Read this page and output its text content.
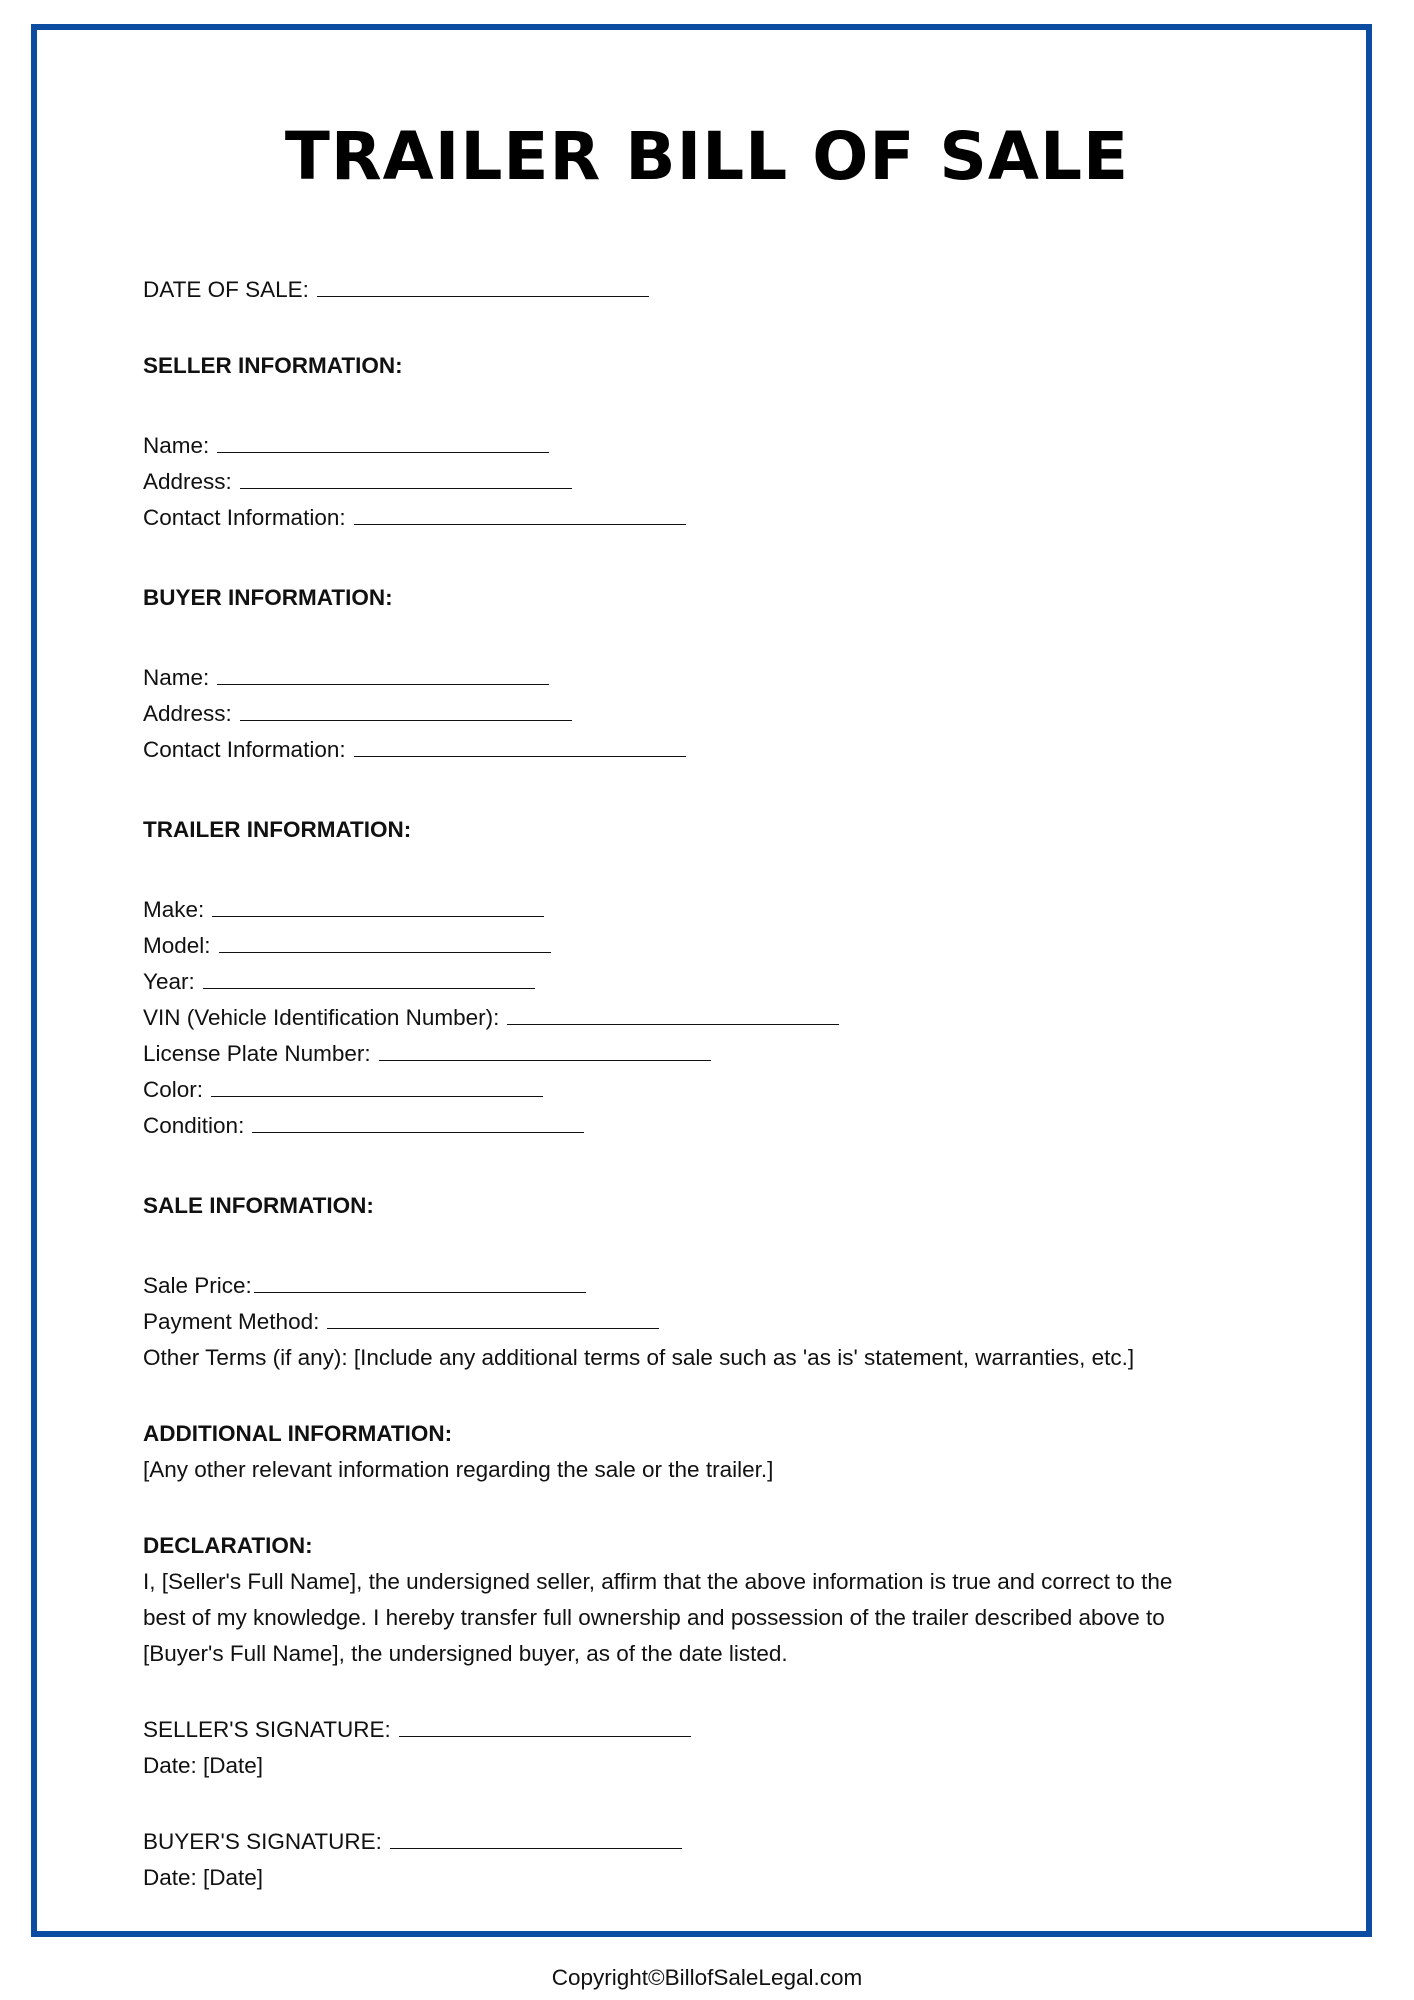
TRAILER BILL OF SALE

DATE OF SALE:

SELLER INFORMATION:

Name:

Address:

Contact Information:

BUYER INFORMATION:

Name:

Address:

Contact Information:

TRAILER INFORMATION:

Make:

Model:

Year:

VIN (Vehicle Identification Number):

License Plate Number:

Color:

Condition:

SALE INFORMATION:

Sale Price:

Payment Method:

Other Terms (if any): [Include any additional terms of sale such as 'as is' statement, warranties, etc.]

ADDITIONAL INFORMATION:

[Any other relevant information regarding the sale or the trailer.]

DECLARATION:

I, [Seller's Full Name], the undersigned seller, affirm that the above information is true and correct to the

best of my knowledge. I hereby transfer full ownership and possession of the trailer described above to

[Buyer's Full Name], the undersigned buyer, as of the date listed.

SELLER'S SIGNATURE:

Date: [Date]

BUYER'S SIGNATURE:

Date: [Date]

Copyright©BillofSaleLegal.com
